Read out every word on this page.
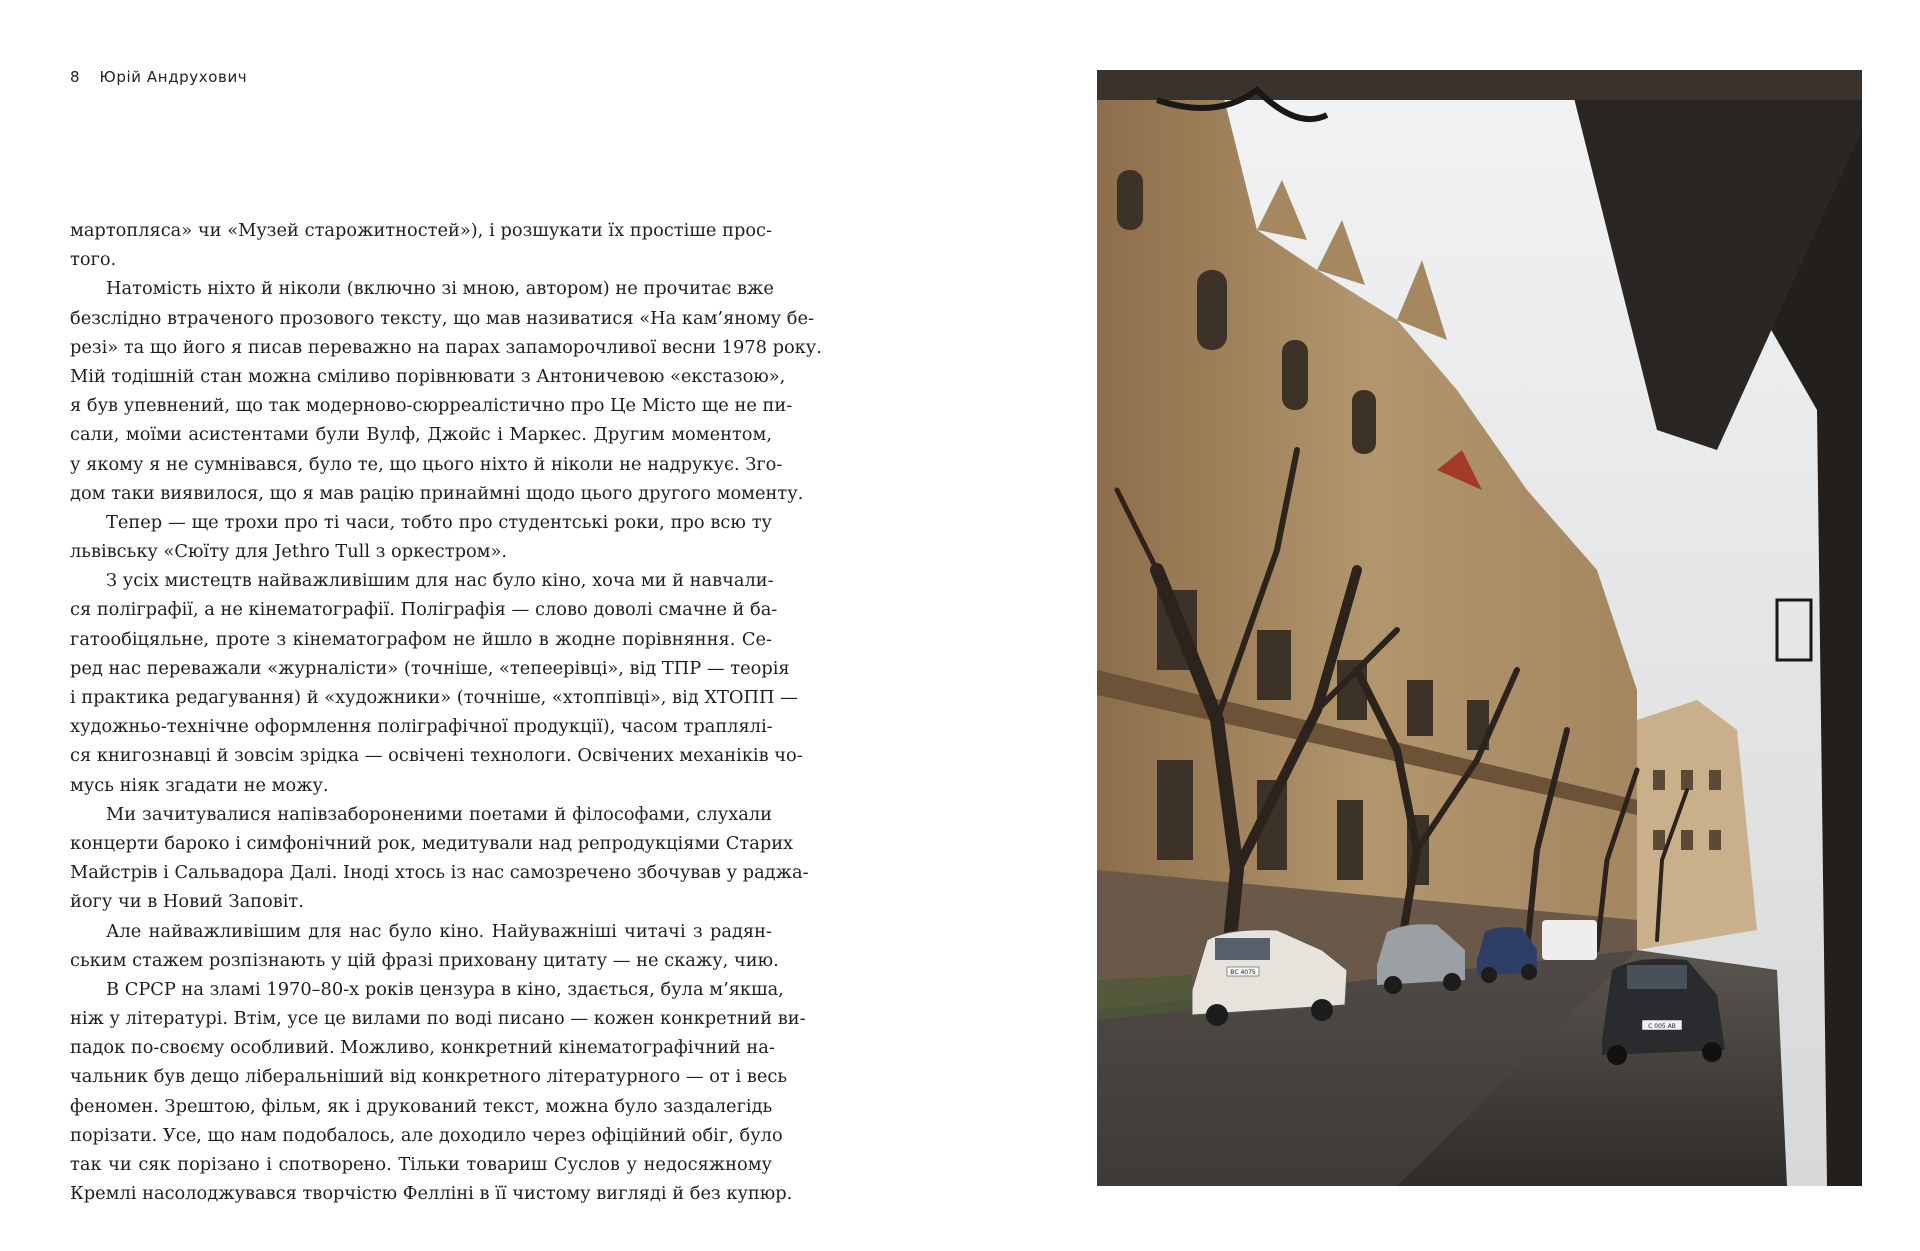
8 Юрій Андрухович
мартопляса» чи «Музей старожитностей»), і розшукати їх простіше прос-
того.
Натомість ніхто й ніколи (включно зі мною, автором) не прочитає вже
безслідно втраченого прозового тексту, що мав називатися «На кам’яному бе-
резі» та що його я писав переважно на парах запаморочливої весни 1978 року.
Мій тодішній стан можна сміливо порівнювати з Антоничевою «екстазою»,
я був упевнений, що так модерново-сюрреалістично про Це Місто ще не пи-
сали, моїми асистентами були Вулф, Джойс і Маркес. Другим моментом,
у якому я не сумнівався, було те, що цього ніхто й ніколи не надрукує. Зго-
дом таки виявилося, що я мав рацію принаймні щодо цього другого моменту.
Тепер — ще трохи про ті часи, тобто про студентські роки, про всю ту
львівську «Сюїту для Jethro Tull з оркестром».
З усіх мистецтв найважливішим для нас було кіно, хоча ми й навчали-
ся поліграфії, а не кінематографії. Поліграфія — слово доволі смачне й ба-
гатообіцяльне, проте з кінематографом не йшло в жодне порівняння. Се-
ред нас переважали «журналісти» (точніше, «тепеерівці», від ТПР — теорія
і практика редагування) й «художники» (точніше, «хтоппівці», від ХТОПП —
художньо-технічне оформлення поліграфічної продукції), часом траплялі-
ся книгознавці й зовсім зрідка — освічені технологи. Освічених механіків чо-
мусь ніяк згадати не можу.
Ми зачитувалися напівзабороненими поетами й філософами, слухали
концерти бароко і симфонічний рок, медитували над репродукціями Старих
Майстрів і Сальвадора Далі. Іноді хтось із нас самозречено збочував у раджа-
йогу чи в Новий Заповіт.
Але найважливішим для нас було кіно. Найуважніші читачі з радян-
ським стажем розпізнають у цій фразі приховану цитату — не скажу, чию.
В СРСР на зламі 1970–80-х років цензура в кіно, здається, була м’якша,
ніж у літературі. Втім, усе це вилами по воді писано — кожен конкретний ви-
падок по-своєму особливий. Можливо, конкретний кінематографічний на-
чальник був дещо ліберальніший від конкретного літературного — от і весь
феномен. Зрештою, фільм, як і друкований текст, можна було заздалегідь
порізати. Усе, що нам подобалось, але доходило через офіційний обіг, було
так чи сяк порізано і спотворено. Тільки товариш Суслов у недосяжному
Кремлі насолоджувався творчістю Фелліні в її чистому вигляді й без купюр.
ВС 4075
С 005 АВ
